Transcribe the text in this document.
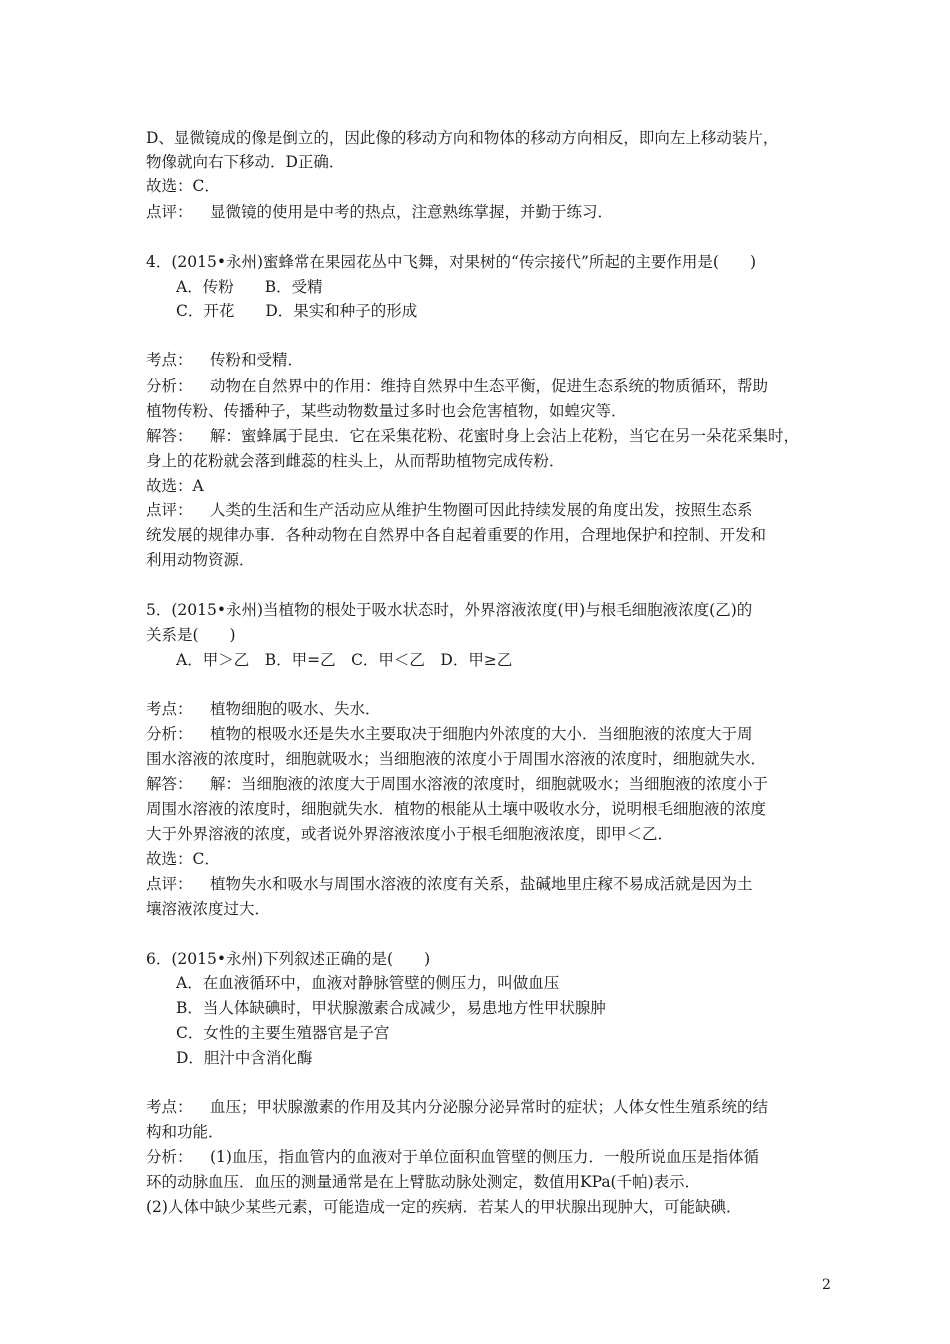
D、显微镜成的像是倒立的，因此像的移动方向和物体的移动方向相反，即向左上移动装片，
物像就向右下移动．D正确．
故选：C．
点评： 显微镜的使用是中考的热点，注意熟练掌握，并勤于练习．
4．(2015•永州)蜜蜂常在果园花丛中飞舞，对果树的“传宗接代”所起的主要作用是(　　)
A．传粉　　B．受精
C．开花　　D．果实和种子的形成
考点： 传粉和受精．
分析： 动物在自然界中的作用：维持自然界中生态平衡，促进生态系统的物质循环，帮助
植物传粉、传播种子，某些动物数量过多时也会危害植物，如蝗灾等．
解答： 解：蜜蜂属于昆虫．它在采集花粉、花蜜时身上会沾上花粉，当它在另一朵花采集时，
身上的花粉就会落到雌蕊的柱头上，从而帮助植物完成传粉．
故选：A
点评： 人类的生活和生产活动应从维护生物圈可因此持续发展的角度出发，按照生态系
统发展的规律办事．各种动物在自然界中各自起着重要的作用，合理地保护和控制、开发和
利用动物资源．
5．(2015•永州)当植物的根处于吸水状态时，外界溶液浓度(甲)与根毛细胞液浓度(乙)的
关系是(　　)
A．甲＞乙　B．甲=乙　C．甲＜乙　D．甲≥乙
考点： 植物细胞的吸水、失水．
分析： 植物的根吸水还是失水主要取决于细胞内外浓度的大小．当细胞液的浓度大于周
围水溶液的浓度时，细胞就吸水；当细胞液的浓度小于周围水溶液的浓度时，细胞就失水．
解答： 解：当细胞液的浓度大于周围水溶液的浓度时，细胞就吸水；当细胞液的浓度小于
周围水溶液的浓度时，细胞就失水．植物的根能从土壤中吸收水分，说明根毛细胞液的浓度
大于外界溶液的浓度，或者说外界溶液浓度小于根毛细胞液浓度，即甲＜乙．
故选：C．
点评： 植物失水和吸水与周围水溶液的浓度有关系，盐碱地里庄稼不易成活就是因为土
壤溶液浓度过大．
6．(2015•永州)下列叙述正确的是(　　)
A．在血液循环中，血液对静脉管壁的侧压力，叫做血压
B．当人体缺碘时，甲状腺激素合成减少，易患地方性甲状腺肿
C．女性的主要生殖器官是子宫
D．胆汁中含消化酶
考点： 血压；甲状腺激素的作用及其内分泌腺分泌异常时的症状；人体女性生殖系统的结
构和功能．
分析： (1)血压，指血管内的血液对于单位面积血管壁的侧压力．一般所说血压是指体循
环的动脉血压．血压的测量通常是在上臂肱动脉处测定，数值用KPa(千帕)表示．
(2)人体中缺少某些元素，可能造成一定的疾病．若某人的甲状腺出现肿大，可能缺碘．
2
